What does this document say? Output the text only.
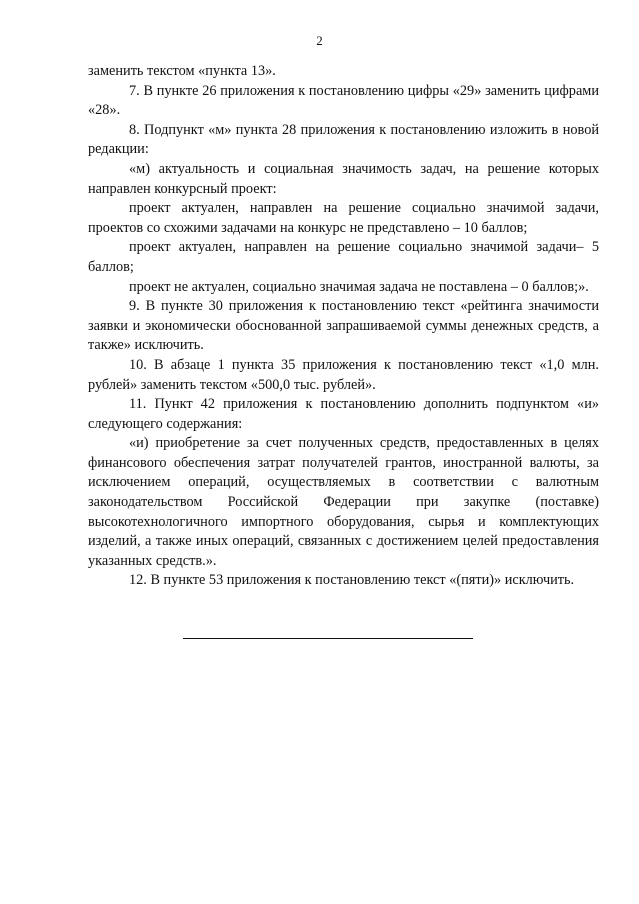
2

заменить текстом «пункта 13».

7. В пункте 26 приложения к постановлению цифры «29» заменить цифрами «28».

8. Подпункт «м» пункта 28 приложения к постановлению изложить в новой редакции:

«м) актуальность и социальная значимость задач, на решение которых направлен конкурсный проект:

проект актуален, направлен на решение социально значимой задачи, проектов со схожими задачами на конкурс не представлено – 10 баллов;

проект актуален, направлен на решение социально значимой задачи– 5 баллов;

проект не актуален, социально значимая задача не поставлена – 0 баллов;».

9. В пункте 30 приложения к постановлению текст «рейтинга значимости заявки и экономически обоснованной запрашиваемой суммы денежных средств, а также» исключить.

10. В абзаце 1 пункта 35 приложения к постановлению текст «1,0 млн. рублей» заменить текстом «500,0 тыс. рублей».

11. Пункт 42 приложения к постановлению дополнить подпунктом «и» следующего содержания:

«и) приобретение за счет полученных средств, предоставленных в целях финансового обеспечения затрат получателей грантов, иностранной валюты, за исключением операций, осуществляемых в соответствии с валютным законодательством Российской Федерации при закупке (поставке) высокотехнологичного импортного оборудования, сырья и комплектующих изделий, а также иных операций, связанных с достижением целей предоставления указанных средств.».

12. В пункте 53 приложения к постановлению текст «(пяти)» исключить.
